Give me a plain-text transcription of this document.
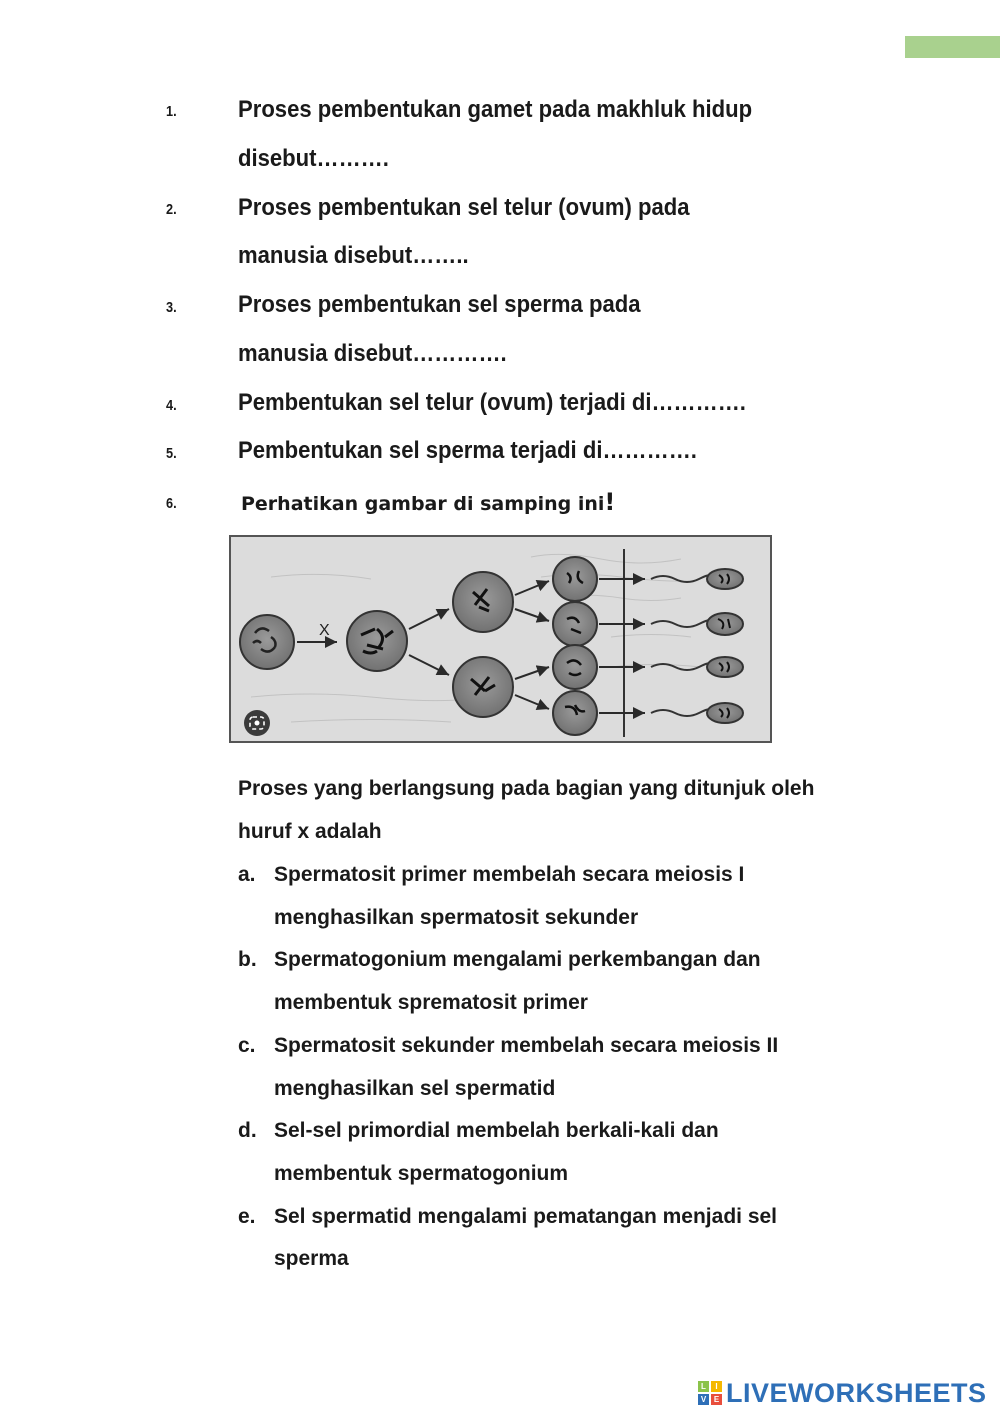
1.	Proses pembentukan gamet pada makhluk hidup
disebut……….
2.	Proses pembentukan sel telur (ovum) pada
manusia disebut……..
3.	Proses pembentukan sel sperma pada
manusia disebut………….
4.	Pembentukan sel telur (ovum) terjadi di………….
5.	Pembentukan sel sperma terjadi di………….
6.	Perhatikan gambar di samping ini!
X
Proses yang berlangsung pada bagian yang ditunjuk oleh
huruf x adalah
a. Spermatosit primer membelah secara meiosis I
menghasilkan spermatosit sekunder
b. Spermatogonium mengalami perkembangan dan
membentuk sprematosit primer
c. Spermatosit sekunder membelah secara meiosis II
menghasilkan sel spermatid
d. Sel-sel primordial membelah berkali-kali dan
membentuk spermatogonium
e. Sel spermatid mengalami pematangan menjadi sel
sperma
L	I
V E LIVEWORKSHEETS
